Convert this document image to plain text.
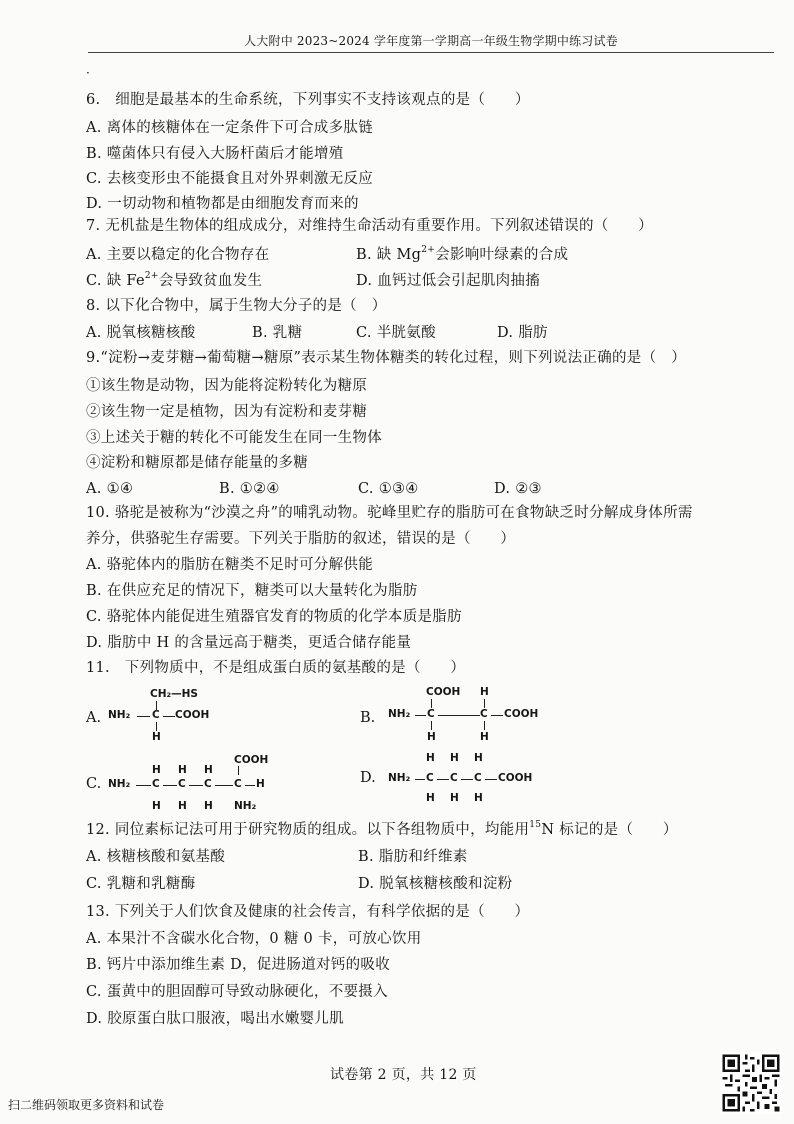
人大附中 2023~2024 学年度第一学期高一年级生物学期中练习试卷
·
6.　细胞是最基本的生命系统，下列事实不支持该观点的是（　　）
A. 离体的核糖体在一定条件下可合成多肽链
B. 噬菌体只有侵入大肠杆菌后才能增殖
C. 去核变形虫不能摄食且对外界刺激无反应
D. 一切动物和植物都是由细胞发育而来的
7. 无机盐是生物体的组成成分，对维持生命活动有重要作用。下列叙述错误的（　　）
A. 主要以稳定的化合物存在	B. 缺 $Mg^{2+}$会影响叶绿素的合成
C. 缺 $Fe^{2+}$会导致贫血发生	D. 血钙过低会引起肌肉抽搐
8. 以下化合物中，属于生物大分子的是（　）
A. 脱氧核糖核酸	B. 乳糖	C. 半胱氨酸	D. 脂肪
9.“淀粉→麦芽糖→葡萄糖→糖原”表示某生物体糖类的转化过程，则下列说法正确的是（　）
①该生物是动物，因为能将淀粉转化为糖原
②该生物一定是植物，因为有淀粉和麦芽糖
③上述关于糖的转化不可能发生在同一生物体
④淀粉和糖原都是储存能量的多糖
A. ①④	B. ①②④	C. ①③④	D. ②③
10. 骆驼是被称为“沙漠之舟”的哺乳动物。驼峰里贮存的脂肪可在食物缺乏时分解成身体所需
养分，供骆驼生存需要。下列关于脂肪的叙述，错误的是（　　）
A. 骆驼体内的脂肪在糖类不足时可分解供能
B. 在供应充足的情况下，糖类可以大量转化为脂肪
C. 骆驼体内能促进生殖器官发育的物质的化学本质是脂肪
D. 脂肪中 H 的含量远高于糖类，更适合储存能量
11.　下列物质中，不是组成蛋白质的氨基酸的是（　　）
A.
CH₂—HS
NH₂ C COOH
H
B.
COOH H
NH₂ C	C COOH
H	H
C.
COOH
H H H
NH₂ C C C C H
H H H NH₂
D.
H H H
NH₂ C C C COOH
H H H
12. 同位素标记法可用于研究物质的组成。以下各组物质中，均能用$^{15}$N 标记的是（　　）
A. 核糖核酸和氨基酸	B. 脂肪和纤维素
C. 乳糖和乳糖酶	D. 脱氧核糖核酸和淀粉
13. 下列关于人们饮食及健康的社会传言，有科学依据的是（　　）
A. 本果汁不含碳水化合物，0 糖 0 卡，可放心饮用
B. 钙片中添加维生素 D，促进肠道对钙的吸收
C. 蛋黄中的胆固醇可导致动脉硬化，不要摄入
D. 胶原蛋白肽口服液，喝出水嫩婴儿肌
试卷第 2 页，共 12 页
扫二维码领取更多资料和试卷
